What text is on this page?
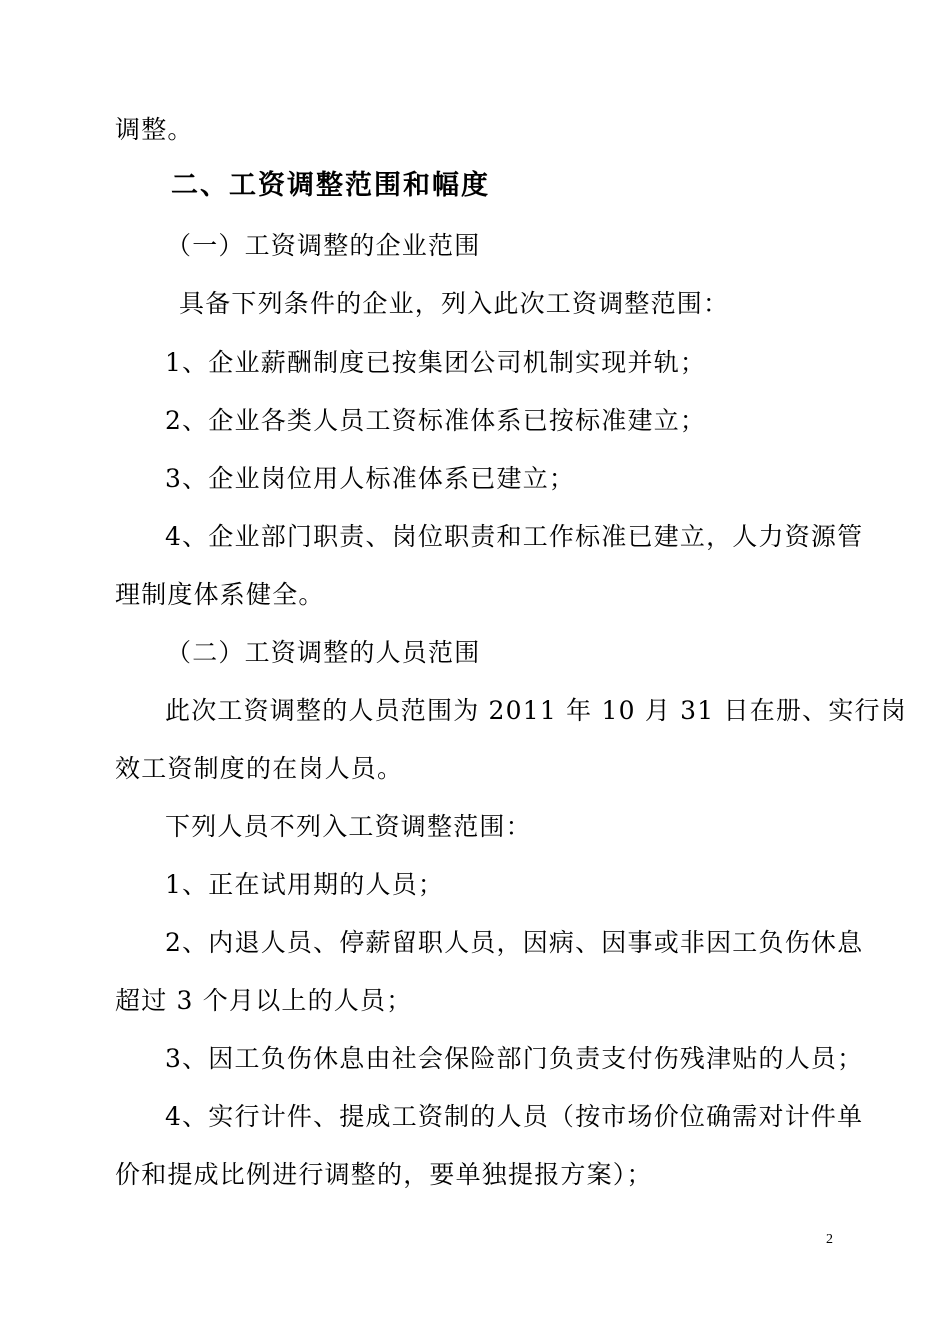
调整。
二、工资调整范围和幅度
（一）工资调整的企业范围
具备下列条件的企业，列入此次工资调整范围：
1、企业薪酬制度已按集团公司机制实现并轨；
2、企业各类人员工资标准体系已按标准建立；
3、企业岗位用人标准体系已建立；
4、企业部门职责、岗位职责和工作标准已建立，人力资源管
理制度体系健全。
（二）工资调整的人员范围
此次工资调整的人员范围为 2011 年 10 月 31 日在册、实行岗
效工资制度的在岗人员。
下列人员不列入工资调整范围：
1、正在试用期的人员；
2、内退人员、停薪留职人员，因病、因事或非因工负伤休息
超过 3 个月以上的人员；
3、因工负伤休息由社会保险部门负责支付伤残津贴的人员；
4、实行计件、提成工资制的人员（按市场价位确需对计件单
价和提成比例进行调整的，要单独提报方案）；
2
